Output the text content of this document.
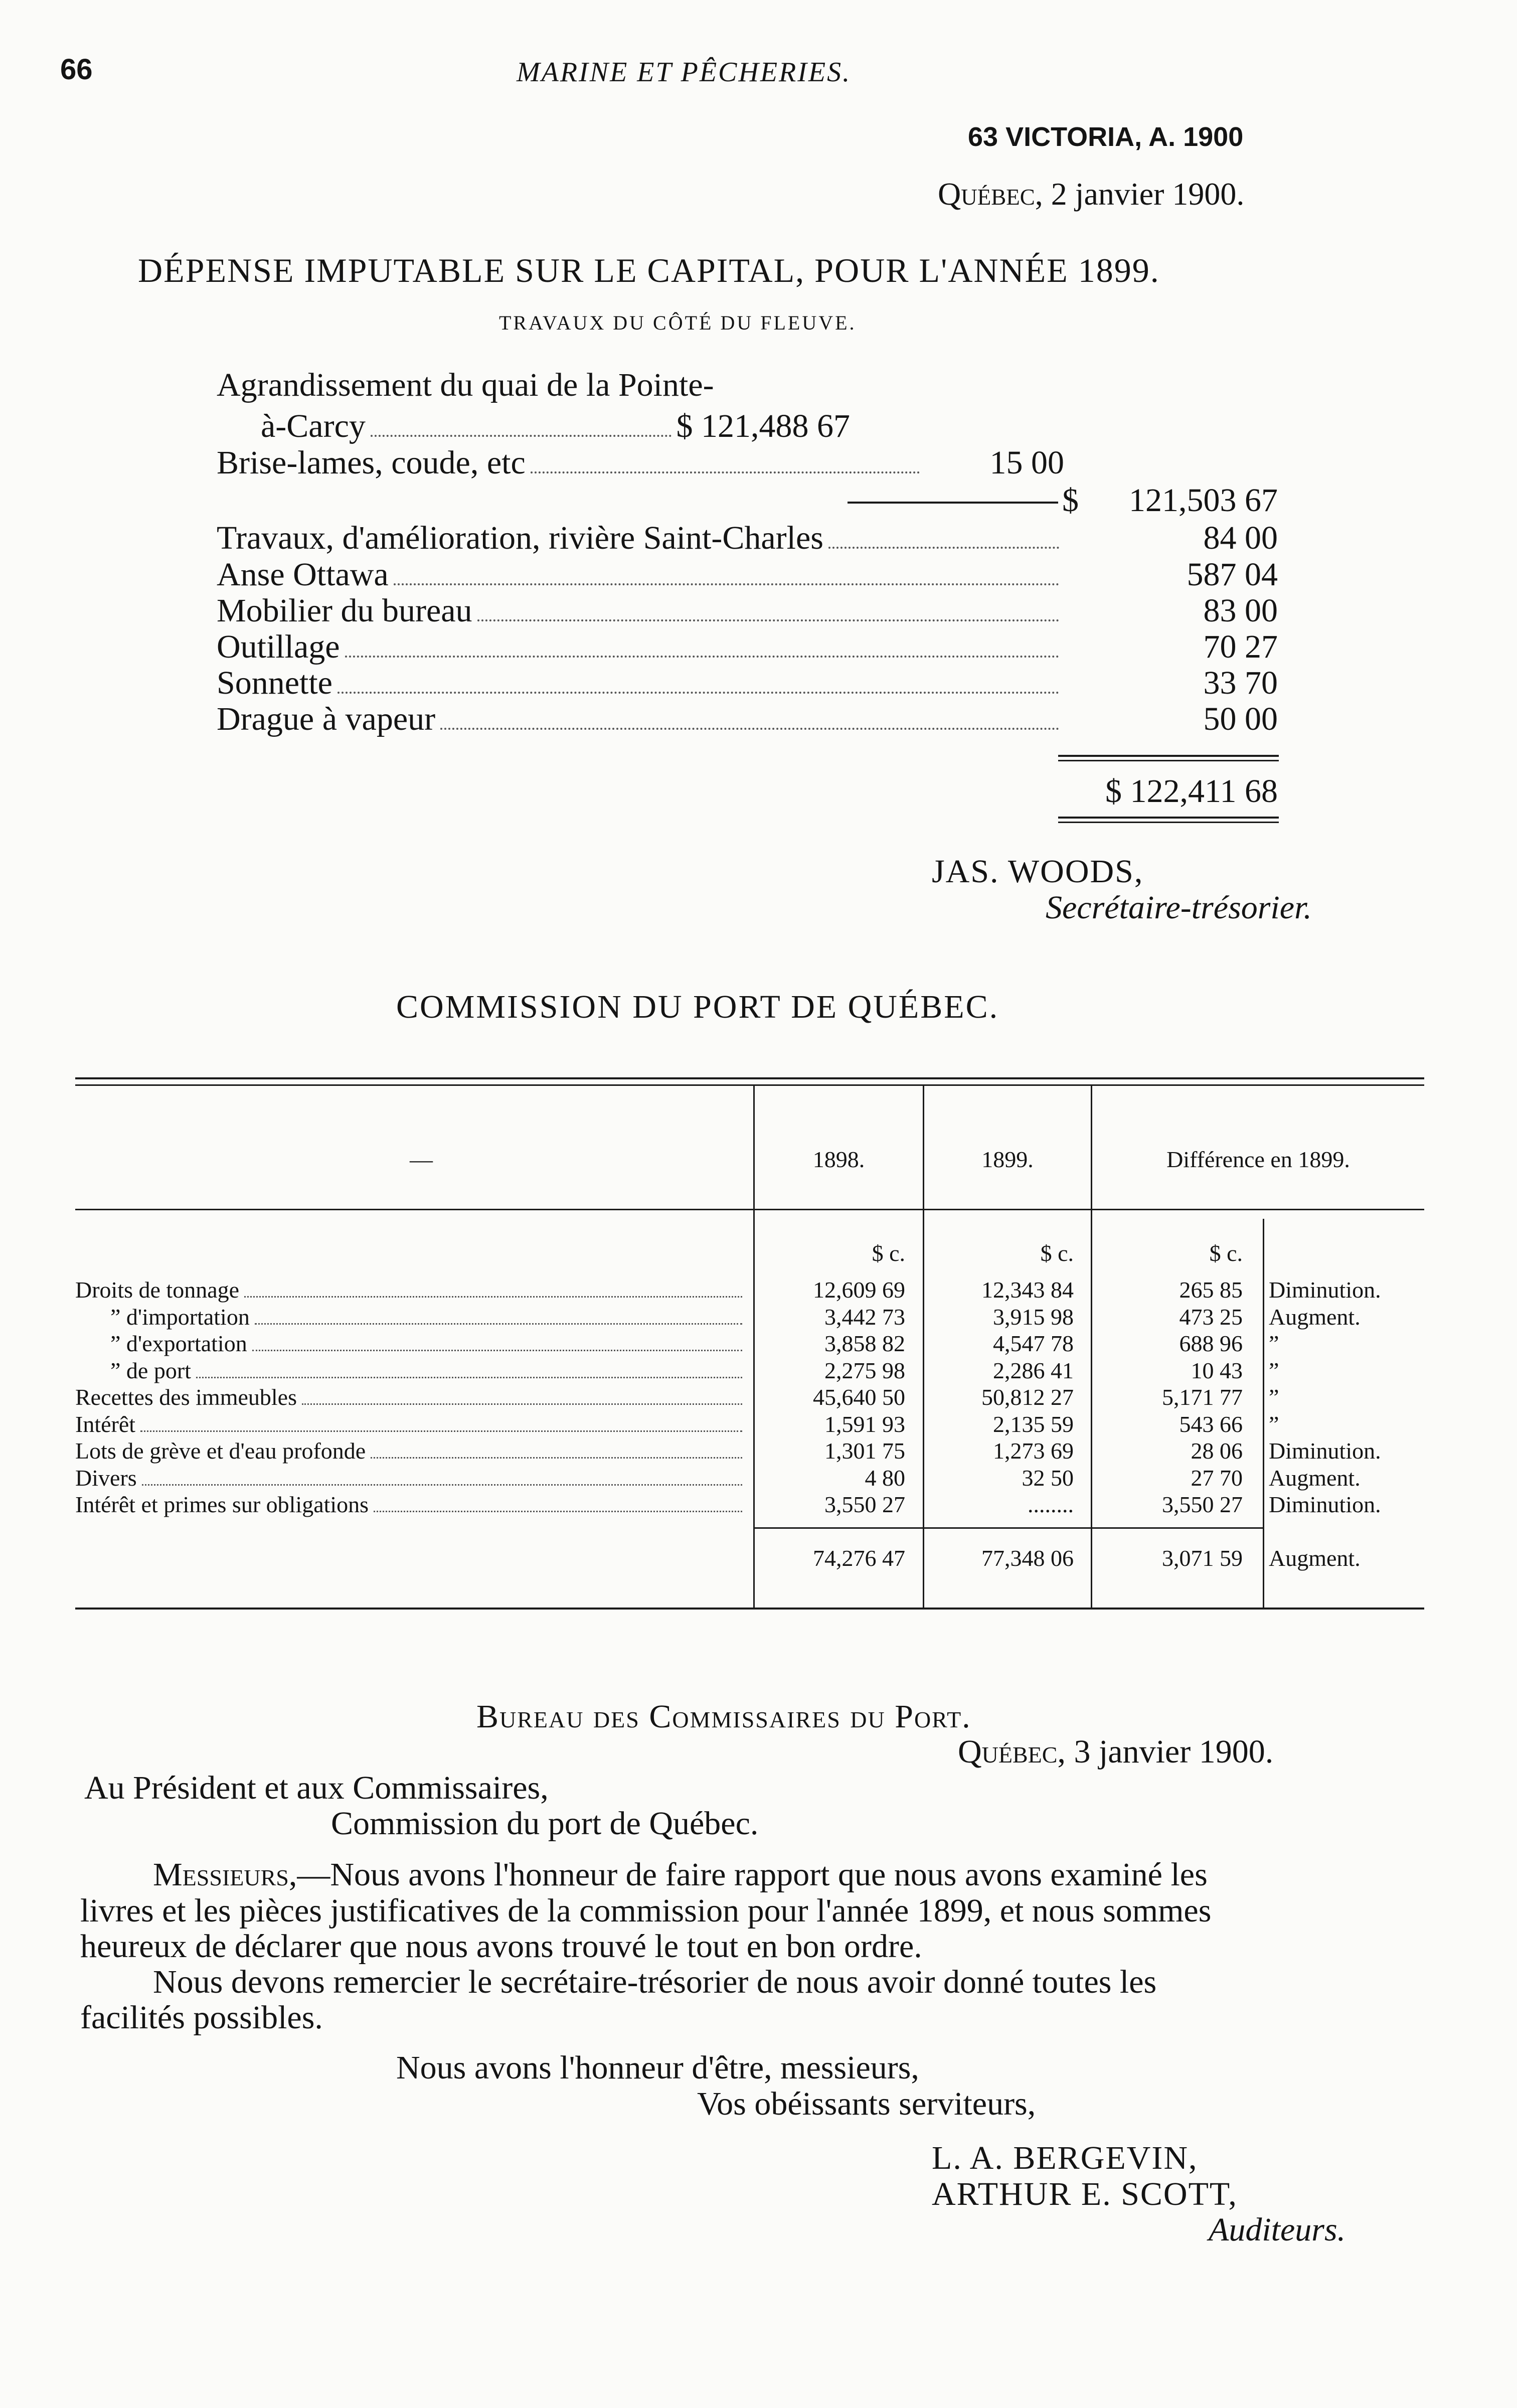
66	MARINE ET PÊCHERIES.
63 VICTORIA, A. 1900
Québec, 2 janvier 1900.
DÉPENSE IMPUTABLE SUR LE CAPITAL, POUR L'ANNÉE 1899.
TRAVAUX DU CÔTÉ DU FLEUVE.
Agrandissement du quai de la Pointe-
à-Carcy	$ 121,488 67
Brise-lames, coude, etc	15 00
$	121,503 67
Travaux, d'amélioration, rivière Saint-Charles	84 00
Anse Ottawa	587 04
Mobilier du bureau	83 00
Outillage	70 27
Sonnette	33 70
Drague à vapeur	50 00
$ 122,411 68
JAS. WOODS,
Secrétaire-trésorier.
COMMISSION DU PORT DE QUÉBEC.
—	1898.	1899.	Différence en 1899.
$ c.	$ c.	$ c.
Droits de tonnage	12,609 69	12,343 84	265 85 Diminution.
” d'importation	3,442 73	3,915 98	473 25 Augment.
” d'exportation	3,858 82	4,547 78	688 96 ”
” de port	2,275 98	2,286 41	10 43 ”
Recettes des immeubles	45,640 50	50,812 27	5,171 77 ”
Intérêt	1,591 93	2,135 59	543 66 ”
Lots de grève et d'eau profonde	1,301 75	1,273 69	28 06 Diminution.
Divers	4 80	32 50	27 70 Augment.
Intérêt et primes sur obligations	3,550 27	........	3,550 27 Diminution.
74,276 47	77,348 06	3,071 59 Augment.
Bureau des Commissaires du Port.
Québec, 3 janvier 1900.
Au Président et aux Commissaires,
Commission du port de Québec.
Messieurs,—Nous avons l'honneur de faire rapport que nous avons examiné les
livres et les pièces justificatives de la commission pour l'année 1899, et nous sommes
heureux de déclarer que nous avons trouvé le tout en bon ordre.
Nous devons remercier le secrétaire-trésorier de nous avoir donné toutes les
facilités possibles.
Nous avons l'honneur d'être, messieurs,
Vos obéissants serviteurs,
L. A. BERGEVIN,
ARTHUR E. SCOTT,
Auditeurs.
